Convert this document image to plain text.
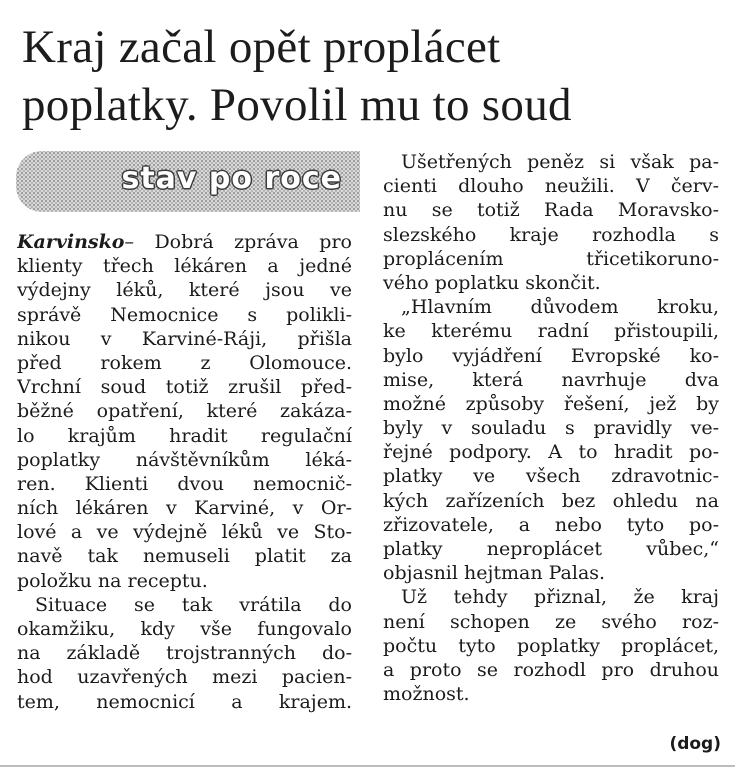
Kraj začal opět proplácet
poplatky. Povolil mu to soud
stav po roce
Karvinsko– Dobrá zpráva pro
klienty třech lékáren a jedné
výdejny léků, které jsou ve
správě Nemocnice s polikli-
nikou v Karviné-Ráji, přišla
před rokem z Olomouce.
Vrchní soud totiž zrušil před-
běžné opatření, které zakáza-
lo krajům hradit regulační
poplatky návštěvníkům léká-
ren. Klienti dvou nemocnič-
ních lékáren v Karviné, v Or-
lové a ve výdejně léků ve Sto-
navě tak nemuseli platit za
položku na receptu.
Situace se tak vrátila do
okamžiku, kdy vše fungovalo
na základě trojstranných do-
hod uzavřených mezi pacien-
tem, nemocnicí a krajem.
Ušetřených peněz si však pa-
cienti dlouho neužili. V červ-
nu se totiž Rada Moravsko-
slezského kraje rozhodla s
proplácením třicetikoruno-
vého poplatku skončit.
„Hlavním důvodem kroku,
ke kterému radní přistoupili,
bylo vyjádření Evropské ko-
mise, která navrhuje dva
možné způsoby řešení, jež by
byly v souladu s pravidly ve-
řejné podpory. A to hradit po-
platky ve všech zdravotnic-
kých zařízeních bez ohledu na
zřizovatele, a nebo tyto po-
platky neproplácet vůbec,“
objasnil hejtman Palas.
Už tehdy přiznal, že kraj
není schopen ze svého roz-
počtu tyto poplatky proplácet,
a proto se rozhodl pro druhou
možnost.
(dog)
